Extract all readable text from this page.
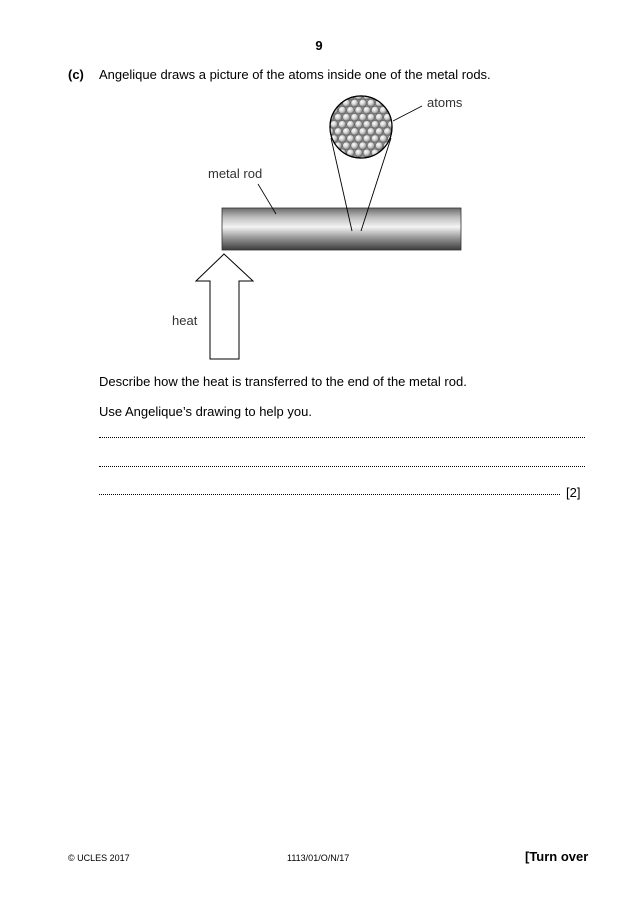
9
(c) Angelique draws a picture of the atoms inside one of the metal rods.
atoms
metal rod
heat
Describe how the heat is transferred to the end of the metal rod.
Use Angelique’s drawing to help you.
[2]
© UCLES 2017	1113/01/O/N/17	[Turn over
